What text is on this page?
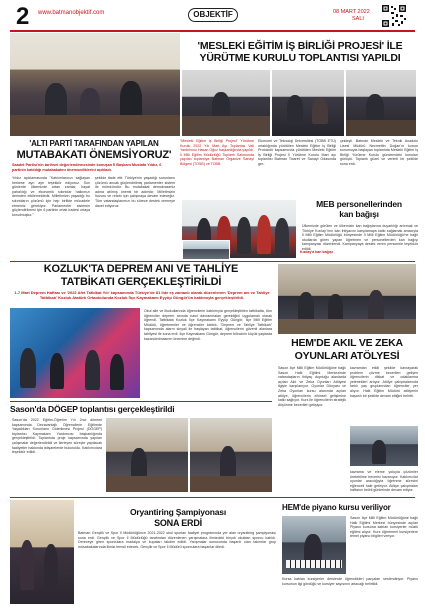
2 www.batmanobjektif.com	OBJEKTİF	08 MART 2022
SALI
'MESLEKİ EĞİTİM İŞ BİRLİĞİ PROJESİ' İLE
YÜRÜTME KURULU TOPLANTISI YAPILDI
'ALTI PARTİ TARAFINDAN YAPILAN
MUTABAKATI ÖNEMSİYORUZ'
Saadet Partisi'nin tarihsel değerlendirmesinde konuşan İl Başkanı Mustafa Yıldız, 6 partinin katıldığı mutabakatını önemsediklerini açıkladı.
Yıldız açıklamasında "Katılımlarınızı sağlayan herkese ayrı ayrı teşekkür ediyoruz. Son günlerde ülkemizde artan zamlar, hayat pahalılığı ve ekonomik sıkıntılar halkımızı derinden etkilemektedir. Milletimizin yaşadığı bu sıkıntıların çözümü için hep birlikte mücadele etmemiz gerekiyor. Parlamenter sistemin güçlendirilmesi için 6 partinin ortak iradesi ortaya konulmuştur."
şekilde ifade etti: Türkiye'nin yaşadığı sorunların çözümü ancak güçlendirilmiş parlamenter sistem ile mümkündür. Bu mutabakat demokrasimiz adına atılmış önemli bir adımdır. Milletimizin huzuru ve refahı için çalışmaya devam edeceğiz. Tüm vatandaşlarımızı bu sürece destek vermeye davet ediyoruz.
"Mesleki Eğitim İş Birliği Projesi" Yürütme Kurulu 2022 Yılı Mart Ayı Toplantısı Vali Yardımcısı Hasan Oğuz başkanlığında yapıldı. İl Milli Eğitim Müdürlüğü Toplantı Salonunda yapılan toplantıya Batman Organize Sanayi Bölgesi (TOSB) ve TOBB
Ekonomi ve Teknoloji Üniversitesi (TOBB ETÜ) ortaklığında yürütülen Mesleki Eğitim İş Birliği Protokolü kapsamında yürütülen Mesleki Eğitim İş Birliği Projesi İl Yürütme Kurulu Mart ayı toplantısı Batman Ticaret ve Sanayi Odasında ger-
çekleşti. Batman Mesleki ve Teknik Anadolu Lisesi Müdürü Necmettin Doğan'ın kurum sunumuyla başlayan toplantıda Mesleki Eğitim İş Birliği Yürütme Kurulu gündemdeki konuları görüştü. Toplantı güzel ve verimli bir şekilde sona erdi.
MEB personellerinden
kan bağışı
Ülkemizde görülen ve ülkemizin kan bağışlarına duyarlılığı artırmak ve Türkiye Kızılay'ı'nın kan ihtiyacını karşılamaya katkı sağlamak amacıyla İl Milli Eğitim Müdürlüğü bünyesinde İl Milli Eğitim Müdürlüğü'ne bağlı okullarda görev yapan öğretmen ve personellerden kan bağışı kampanyası düzenlendi. Kampanyaya destek veren personele teşekkür edildi.
Kızılay'a kan bağışı
KOZLUK'TA DEPREM ANI VE TAHLİYE
TATBİKATI GERÇEKLEŞTİRİLDİ
1-7 Mart Deprem Haftası ve '2022 Afet Tatbikat Yılı' kapsamında Türkiye'de 81 ilde eş zamanlı olarak düzenlenen 'Deprem anı ve Tahliye Tatbikatı' Kozluk Atatürk Ortaokulunda Kozluk İlçe Kaymakamı Eyyüp Güngör'ün katılımıyla gerçekleştirildi.
Okul aile ve ilkokullarında öğrencilerin katılımıyla gerçekleştirilen tatbikatta, tüm öğrenciler deprem anında nasıl davranmaları gerektiğini uygulamalı olarak öğrendi. Tatbikata Kozluk İlçe Kaymakamı Eyyüp Güngör, İlçe Milli Eğitim Müdürü, öğretmenler ve öğrenciler katıldı. "Deprem ve Tahliye Tatbikatı" kapsamında alarm sinyali ile başlayan tatbikat, öğrencilerin güvenli alanlara tahliyesi ile sona erdi. İlçe Kaymakamı Güngör, deprem bilincinin küçük yaşlarda kazandırılmasının önemine değindi.	HEM'DE AKIL VE ZEKA
OYUNLARI ATÖLYESİ
Sason'da DÖGEP toplantısı gerçekleştirildi
Sason'da 2022 Eğitim-Öğretim Yılı 2nci dönemi kapsamında Dezavantajlı Öğrencilerin Eğitimde Yaşadıkları Sorunların Giderilmesi Projesi (DÖGEP) toplantısı Kaymakam Yardımcısı başkanlığında gerçekleştirildi. Toplantıda proje kapsamında yapılan çalışmalar değerlendirildi ve ilerleyen süreçte yapılacak faaliyetler hakkında istişarelerde bulunuldu. Katılımcılara teşekkür edildi.
Sason İlçe Milli Eğitim Müdürlüğüne bağlı Sason Halk Eğitimi Merkezinde vatandaşların ihtiyaç duyduğu alanlarda açılan Akıl ve Zeka Oyunları Atölyesi ilgiyle karşılanıyor. Oyunlar Dünyası ve Zeka Oyunları kursu alanında açılan atölye, öğrencilerin zihinsel gelişimine katkı sağlıyor. Kurs ile öğrencilerin stratejik düşünme becerileri gelişiyor.
kavramları etkili şekilde kavrayarak problem çözme becerileri gelişen öğrencilerin dikkat ve odaklanma yetenekleri artıyor. Atölye çalışmalarında farklı yaş gruplarından öğrenciler yer alıyor. Halk Eğitim Müdürü atölyenin başarılı bir şekilde devam ettiğini belirtti.
kavrama ve eleme yoluyla çözümler üretebilme becerisi kazanıyor. Katılımcılar oyunlar aracılığıyla öğrenme sürecini eğlenceli hale getiriyor. Atölye çalışmaları haftanın belirli günlerinde devam ediyor.
Oryantiring Şampiyonası
SONA ERDİ
Batman Gençlik ve Spor İl Müdürlüğünce 2021-2022 okul sporları faaliyet programında yer alan oryantiring şampiyonası sona erdi. Gençlik ve Spor İl Müdürlüğü tarafından düzenlenen yarışmalara ilimizdeki birçok okuldan sporcu katıldı. Dereceye giren sporculara madalya ve kupaları takdim edildi. Yarışmalar sonucunda başarılı olan takımlar grup müsabakalarında ilimizi temsil edecek. Gençlik ve Spor İl Müdürü sporculara başarılar diledi.
HEM'de piyano kursu veriliyor
Sason İlçe Milli Eğitim Müdürlüğüne bağlı Halk Eğitimi Merkezi bünyesinde açılan Piyano kursuna katılan kursiyerler müzik eğitimi alıyor. Kurs öğretmeni kursiyerlere temel piyano bilgileri veriyor.
Kursa katılan kursiyerler derslerde öğrendikleri parçaları seslendiriyor. Piyano kursunun ilgi gördüğü ve kursiyer sayısının artacağı belirtildi.
